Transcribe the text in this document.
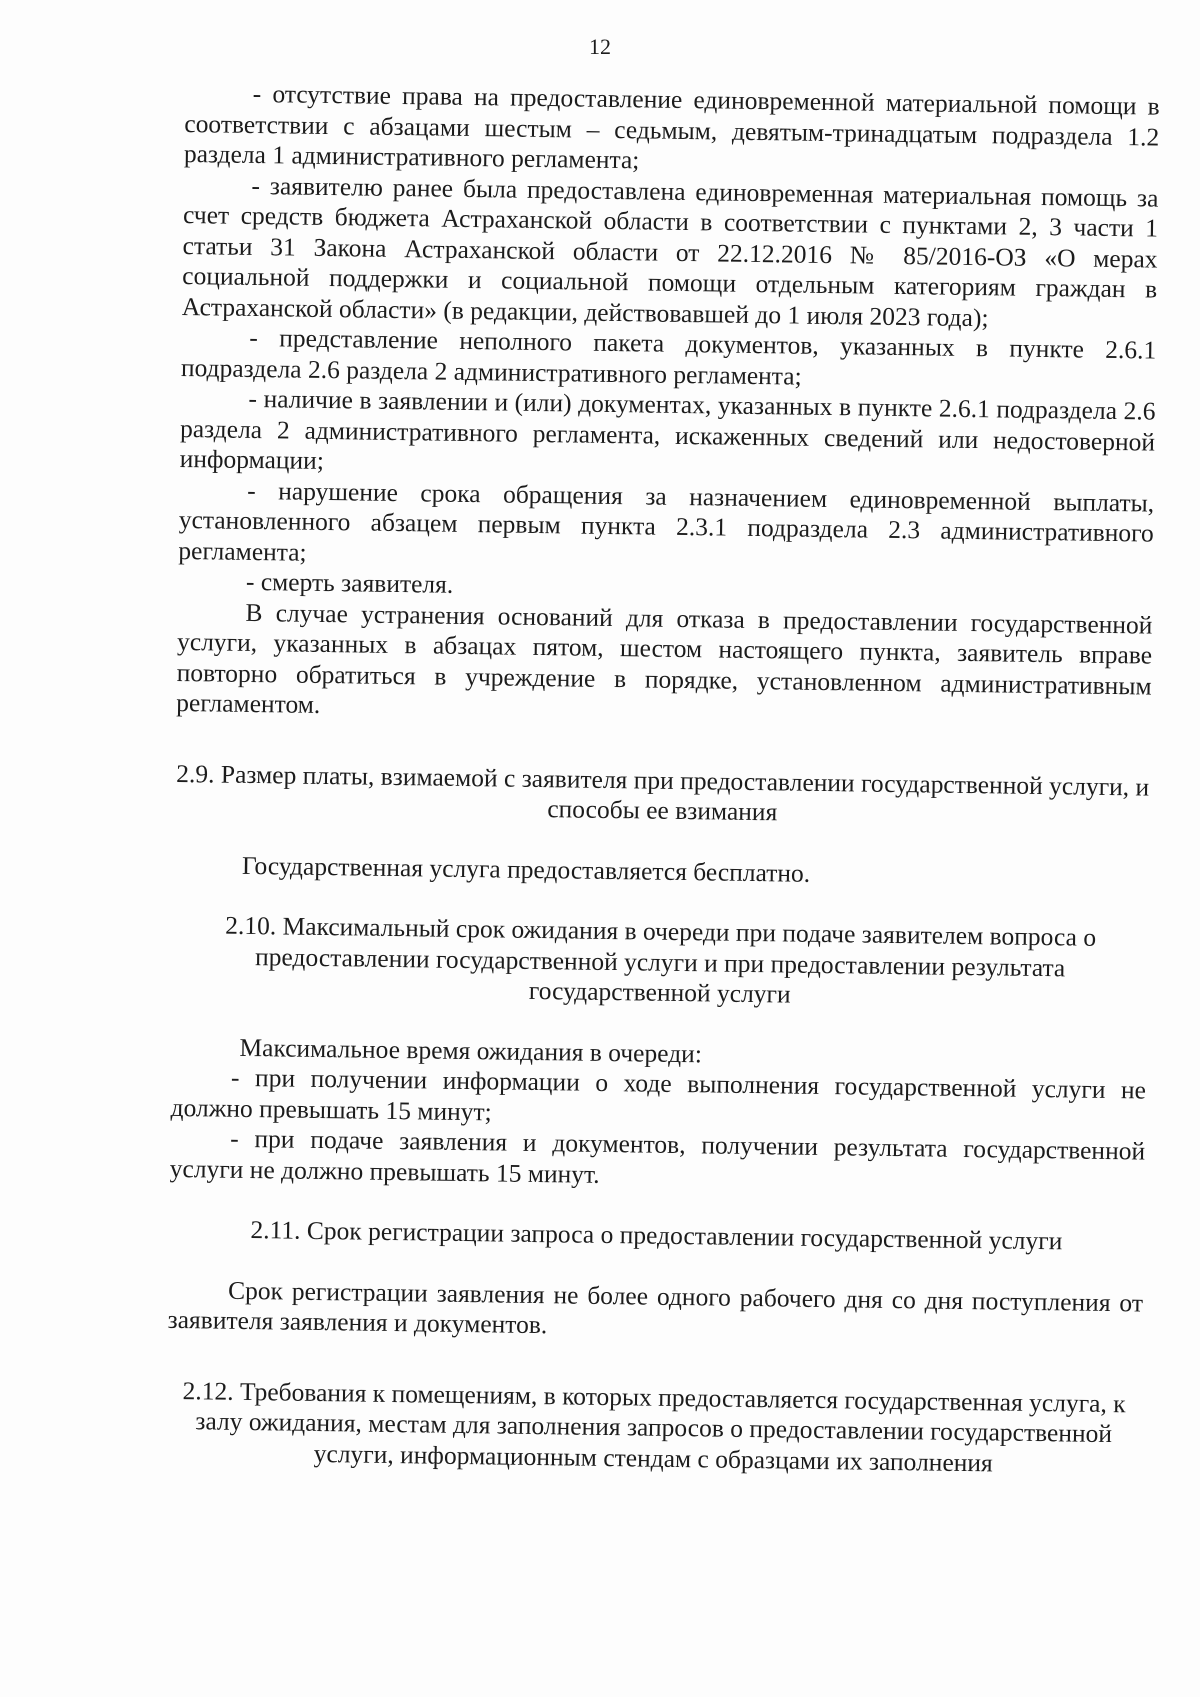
12

- отсутствие права на предоставление единовременной материальной помощи в соответствии с абзацами шестым – седьмым, девятым-тринадцатым подраздела 1.2 раздела 1 административного регламента;

- заявителю ранее была предоставлена единовременная материальная помощь за счет средств бюджета Астраханской области в соответствии с пунктами 2, 3 части 1 статьи 31 Закона Астраханской области от 22.12.2016 № 85/2016-ОЗ «О мерах социальной поддержки и социальной помощи отдельным категориям граждан в Астраханской области» (в редакции, действовавшей до 1 июля 2023 года);

- представление неполного пакета документов, указанных в пункте 2.6.1 подраздела 2.6 раздела 2 административного регламента;

- наличие в заявлении и (или) документах, указанных в пункте 2.6.1 подраздела 2.6 раздела 2 административного регламента, искаженных сведений или недостоверной информации;

- нарушение срока обращения за назначением единовременной выплаты, установленного абзацем первым пункта 2.3.1 подраздела 2.3 административного регламента;

- смерть заявителя.

В случае устранения оснований для отказа в предоставлении государственной услуги, указанных в абзацах пятом, шестом настоящего пункта, заявитель вправе повторно обратиться в учреждение в порядке, установленном административным регламентом.

2.9. Размер платы, взимаемой с заявителя при предоставлении государственной услуги, и способы ее взимания

Государственная услуга предоставляется бесплатно.

2.10. Максимальный срок ожидания в очереди при подаче заявителем вопроса о предоставлении государственной услуги и при предоставлении результата государственной услуги

Максимальное время ожидания в очереди:

- при получении информации о ходе выполнения государственной услуги не должно превышать 15 минут;

- при подаче заявления и документов, получении результата государственной услуги не должно превышать 15 минут.

2.11. Срок регистрации запроса о предоставлении государственной услуги

Срок регистрации заявления не более одного рабочего дня со дня поступления от заявителя заявления и документов.

2.12. Требования к помещениям, в которых предоставляется государственная услуга, к залу ожидания, местам для заполнения запросов о предоставлении государственной услуги, информационным стендам с образцами их заполнения
